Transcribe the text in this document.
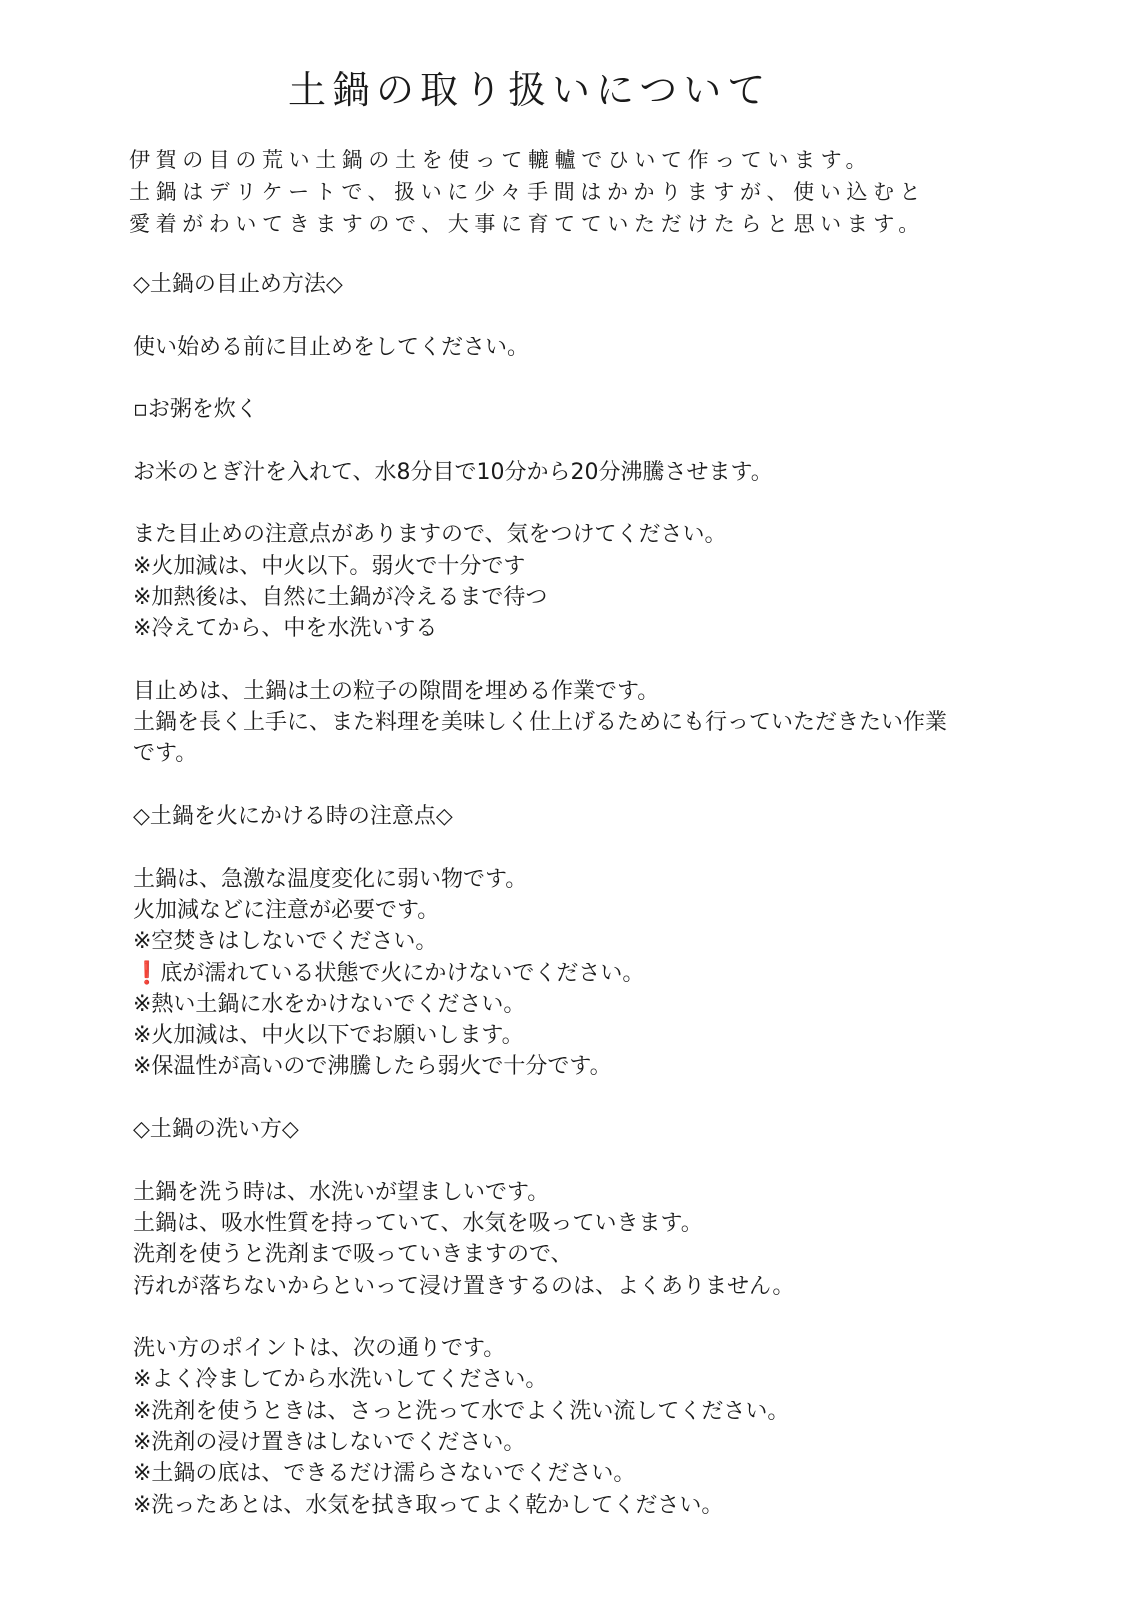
土鍋の取り扱いについて
伊賀の目の荒い土鍋の土を使って轆轤でひいて作っています。
土鍋はデリケートで、扱いに少々手間はかかりますが、使い込むと
愛着がわいてきますので、大事に育てていただけたらと思います。
◇土鍋の目止め方法◇
使い始める前に目止めをしてください。
▫お粥を炊く
お米のとぎ汁を入れて、水8分目で10分から20分沸騰させます。
また目止めの注意点がありますので、気をつけてください。
※火加減は、中火以下。弱火で十分です
※加熱後は、自然に土鍋が冷えるまで待つ
※冷えてから、中を水洗いする
目止めは、土鍋は土の粒子の隙間を埋める作業です。
土鍋を長く上手に、また料理を美味しく仕上げるためにも行っていただきたい作業
です。
◇土鍋を火にかける時の注意点◇
土鍋は、急激な温度変化に弱い物です。
火加減などに注意が必要です。
※空焚きはしないでください。
❗底が濡れている状態で火にかけないでください。
※熱い土鍋に水をかけないでください。
※火加減は、中火以下でお願いします。
※保温性が高いので沸騰したら弱火で十分です。
◇土鍋の洗い方◇
土鍋を洗う時は、水洗いが望ましいです。
土鍋は、吸水性質を持っていて、水気を吸っていきます。
洗剤を使うと洗剤まで吸っていきますので、
汚れが落ちないからといって浸け置きするのは、よくありません。
洗い方のポイントは、次の通りです。
※よく冷ましてから水洗いしてください。
※洗剤を使うときは、さっと洗って水でよく洗い流してください。
※洗剤の浸け置きはしないでください。
※土鍋の底は、できるだけ濡らさないでください。
※洗ったあとは、水気を拭き取ってよく乾かしてください。
